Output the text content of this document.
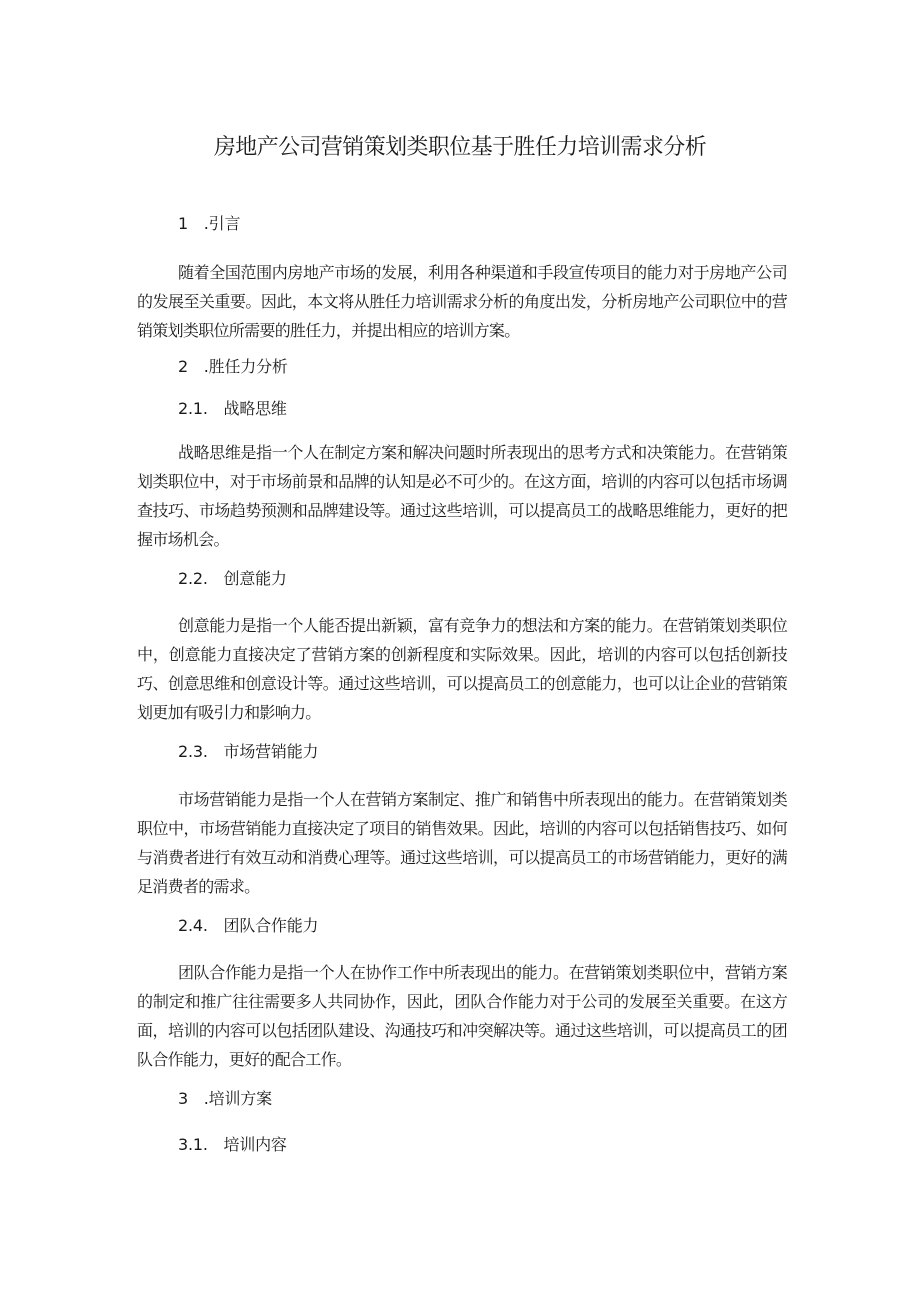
房地产公司营销策划类职位基于胜任力培训需求分析
1　.引言
随着全国范围内房地产市场的发展，利用各种渠道和手段宣传项目的能力对于房地产公司的发展至关重要。因此，本文将从胜任力培训需求分析的角度出发，分析房地产公司职位中的营销策划类职位所需要的胜任力，并提出相应的培训方案。
2　.胜任力分析
2.1.　战略思维
战略思维是指一个人在制定方案和解决问题时所表现出的思考方式和决策能力。在营销策划类职位中，对于市场前景和品牌的认知是必不可少的。在这方面，培训的内容可以包括市场调查技巧、市场趋势预测和品牌建设等。通过这些培训，可以提高员工的战略思维能力，更好的把握市场机会。
2.2.　创意能力
创意能力是指一个人能否提出新颖，富有竞争力的想法和方案的能力。在营销策划类职位中，创意能力直接决定了营销方案的创新程度和实际效果。因此，培训的内容可以包括创新技巧、创意思维和创意设计等。通过这些培训，可以提高员工的创意能力，也可以让企业的营销策划更加有吸引力和影响力。
2.3.　市场营销能力
市场营销能力是指一个人在营销方案制定、推广和销售中所表现出的能力。在营销策划类职位中，市场营销能力直接决定了项目的销售效果。因此，培训的内容可以包括销售技巧、如何与消费者进行有效互动和消费心理等。通过这些培训，可以提高员工的市场营销能力，更好的满足消费者的需求。
2.4.　团队合作能力
团队合作能力是指一个人在协作工作中所表现出的能力。在营销策划类职位中，营销方案的制定和推广往往需要多人共同协作，因此，团队合作能力对于公司的发展至关重要。在这方面，培训的内容可以包括团队建设、沟通技巧和冲突解决等。通过这些培训，可以提高员工的团队合作能力，更好的配合工作。
3　.培训方案
3.1.　培训内容
